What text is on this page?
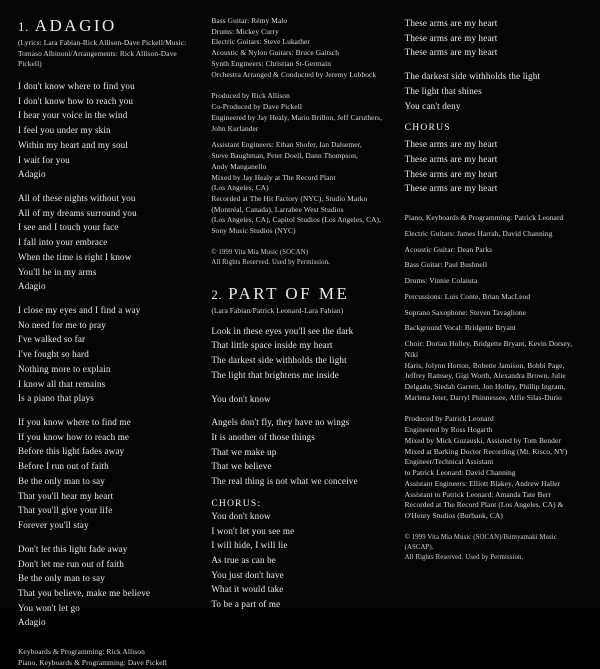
1. ADAGIO

(Lyrics: Lara Fabian-Rick Allison-Dave Pickell/Music:

Tomaso Albinoni/Arrangements: Rick Allison-Dave Pickell)

I don't know where to find you

I don't know how to reach you

I hear your voice in the wind

I feel you under my skin

Within my heart and my soul

I wait for you

Adagio

All of these nights without you

All of my dreams surround you

I see and I touch your face

I fall into your embrace

When the time is right I know

You'll be in my arms

Adagio

I close my eyes and I find a way

No need for me to pray

I've walked so far

I've fought so hard

Nothing more to explain

I know all that remains

Is a piano that plays

If you know where to find me

If you know how to reach me

Before this light fades away

Before I run out of faith

Be the only man to say

That you'll hear my heart

That you'll give your life

Forever you'll stay

Don't let this light fade away

Don't let me run out of faith

Be the only man to say

That you believe, make me believe

You won't let go

Adagio

Keyboards & Programming: Rick Allison

Piano, Keyboards & Programming: Dave Pickell

Bass Guitar: Rémy Malo

Drums: Mickey Curry

Electric Guitars: Steve Lukather

Acoustic & Nylon Guitars: Bruce Gaitsch

Synth Engineers: Christian St-Germain

Orchestra Arranged & Conducted by Jeremy Lubbock

Produced by Rick Allison

Co-Produced by Dave Pickell

Engineered by Jay Healy, Mario Brillon, Jeff Caruthers,

John Kurlander

Assistant Engineers: Ethan Shofer, Ian Dalsemer,

Steve Baughman, Peter Doell, Dann Thompson,

Andy Manganello

Mixed by Jay Healy at The Record Plant

(Los Angeles, CA)

Recorded at The Hit Factory (NYC), Studio Marko

(Montréal, Canada), Larrabee West Studios

(Los Angeles, CA), Capitol Studios (Los Angeles, CA),

Sony Music Studios (NYC)

© 1999 Vita Mia Music (SOCAN)

All Rights Reserved. Used by Permission.

2. PART OF ME

(Lara Fabian/Patrick Leonard-Lara Fabian)

Look in these eyes you'll see the dark

That little space inside my heart

The darkest side withholds the light

The light that brightens me inside

You don't know

Angels don't fly, they have no wings

It is another of those things

That we make up

That we believe

The real thing is not what we conceive

CHORUS:

You don't know

I won't let you see me

I will hide, I will lie

As true as can be

You just don't have

What it would take

To be a part of me

These arms are my heart

These arms are my heart

These arms are my heart

The darkest side withholds the light

The light that shines

You can't deny

CHORUS

These arms are my heart

These arms are my heart

These arms are my heart

These arms are my heart

Piano, Keyboards & Programming: Patrick Leonard

Electric Guitars: James Harrah, David Channing

Acoustic Guitar: Dean Parks

Bass Guitar: Paul Bushnell

Drums: Vinnie Colaiuta

Percussions: Luis Conte, Brian MacLeod

Soprano Saxophone: Steven Tavaglione

Background Vocal: Bridgette Bryant

Choir: Dorian Holley, Bridgette Bryant, Kevin Dorsey, Niki

Haris, Jolynn Horton, Bobette Jamison, Bobbi Page,

Jeffrey Ramsey, Gigi Worth, Alexandra Brown, Julie

Delgado, Siedah Garrett, Jon Holley, Phillip Ingram,

Marlena Jeter, Darryl Phinnessee, Alfie Silas-Durio

Produced by Patrick Leonard

Engineered by Ross Hogarth

Mixed by Mick Guzauski, Assisted by Tom Bender

Mixed at Barking Doctor Recording (Mt. Kisco, NY)

Engineer/Technical Assistant

to Patrick Leonard: David Channing

Assistant Engineers: Elliott Blakey, Andrew Haller

Assistant to Patrick Leonard: Amanda Tate Berr

Recorded at The Record Plant (Los Angeles, CA) &

O'Henry Studios (Burbank, CA)

© 1999 Vita Mia Music (SOCAN)/Bumyamaki Music (ASCAP).

All Rights Reserved. Used by Permission.
